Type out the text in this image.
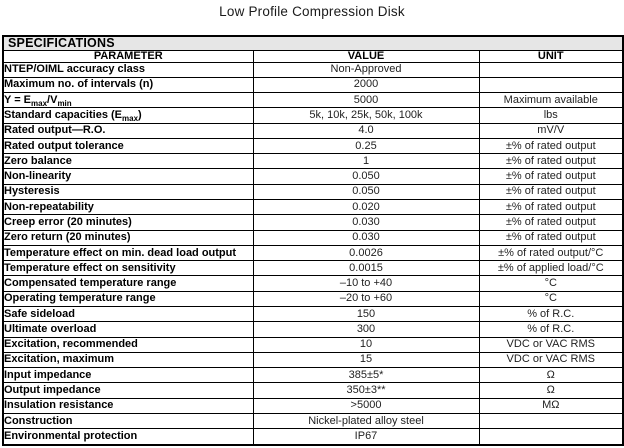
Low Profile Compression Disk
SPECIFICATIONS		
PARAMETER	VALUE	UNIT
NTEP/OIML accuracy class	Non-Approved	
Maximum no. of intervals (n)	2000	
$Y = E_{max}/V_{min}$	5000	Maximum available
Standard capacities $(E_{max})$	5k, 10k, 25k, 50k, 100k	lbs
Rated output—R.O.	4.0	mV/V
Rated output tolerance	0.25	±% of rated output
Zero balance	1	±% of rated output
Non-linearity	0.050	±% of rated output
Hysteresis	0.050	±% of rated output
Non-repeatability	0.020	±% of rated output
Creep error (20 minutes)	0.030	±% of rated output
Zero return (20 minutes)	0.030	±% of rated output
Temperature effect on min. dead load output	0.0026	±% of rated output/°C
Temperature effect on sensitivity	0.0015	±% of applied load/°C
Compensated temperature range	–10 to +40	°C
Operating temperature range	–20 to +60	°C
Safe sideload	150	% of R.C.
Ultimate overload	300	% of R.C.
Excitation, recommended	10	VDC or VAC RMS
Excitation, maximum	15	VDC or VAC RMS
Input impedance	385±5*	Ω
Output impedance	350±3**	Ω
Insulation resistance	>5000	MΩ
Construction	Nickel-plated alloy steel	
Environmental protection	IP67	
